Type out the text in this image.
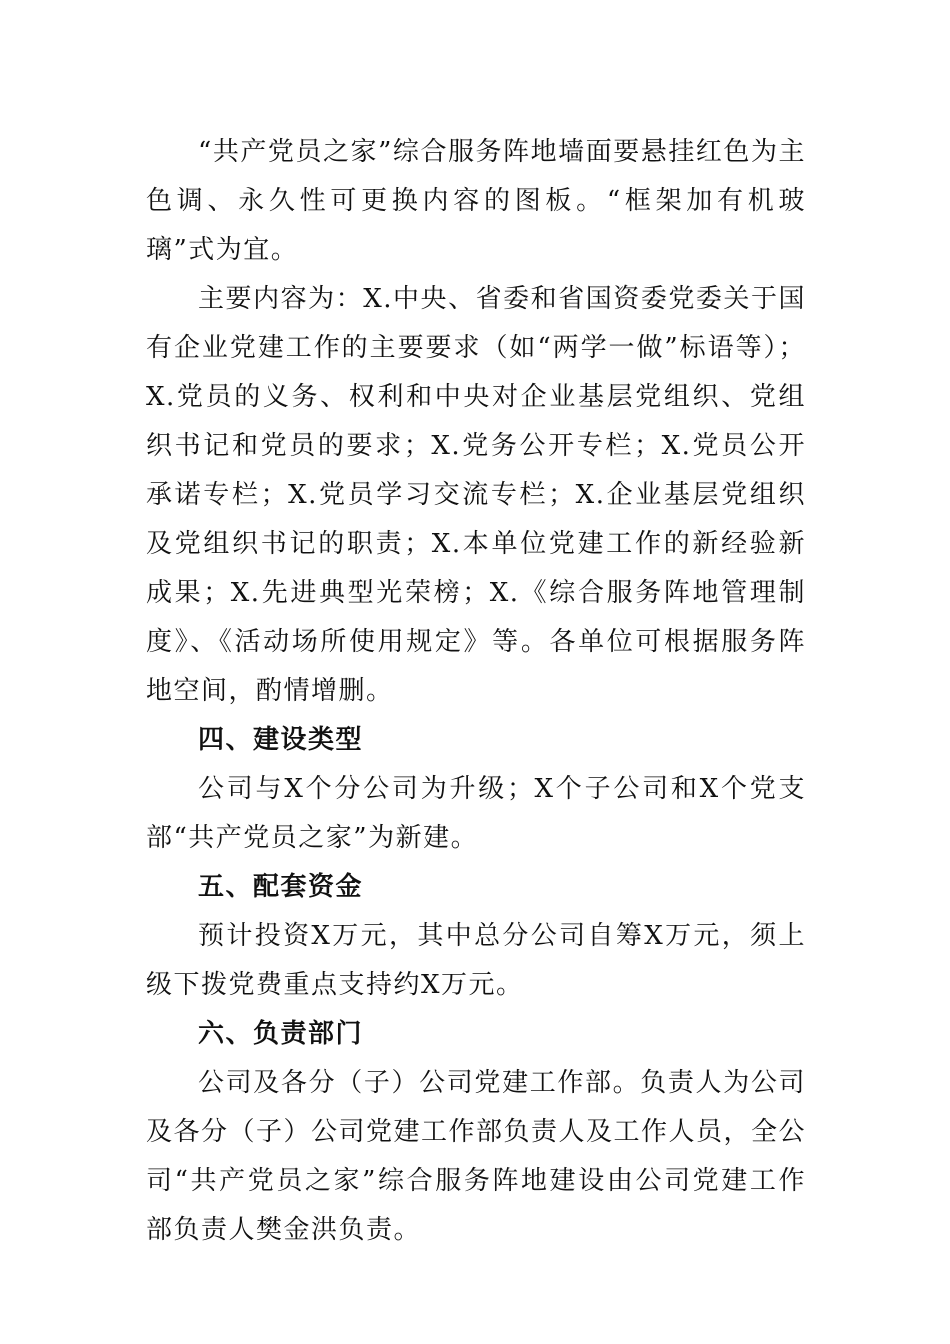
“共产党员之家”综合服务阵地墙面要悬挂红色为主色调、永久性可更换内容的图板。“框架加有机玻璃”式为宜。

主要内容为：X.中央、省委和省国资委党委关于国有企业党建工作的主要要求（如“两学一做”标语等）；X.党员的义务、权利和中央对企业基层党组织、党组织书记和党员的要求；X.党务公开专栏；X.党员公开承诺专栏；X.党员学习交流专栏；X.企业基层党组织及党组织书记的职责；X.本单位党建工作的新经验新成果；X.先进典型光荣榜；X.《综合服务阵地管理制度》、《活动场所使用规定》等。各单位可根据服务阵地空间，酌情增删。

四、建设类型

公司与X个分公司为升级；X个子公司和X个党支部“共产党员之家”为新建。

五、配套资金

预计投资X万元，其中总分公司自筹X万元，须上级下拨党费重点支持约X万元。

六、负责部门

公司及各分（子）公司党建工作部。负责人为公司及各分（子）公司党建工作部负责人及工作人员，全公司“共产党员之家”综合服务阵地建设由公司党建工作部负责人樊金洪负责。
